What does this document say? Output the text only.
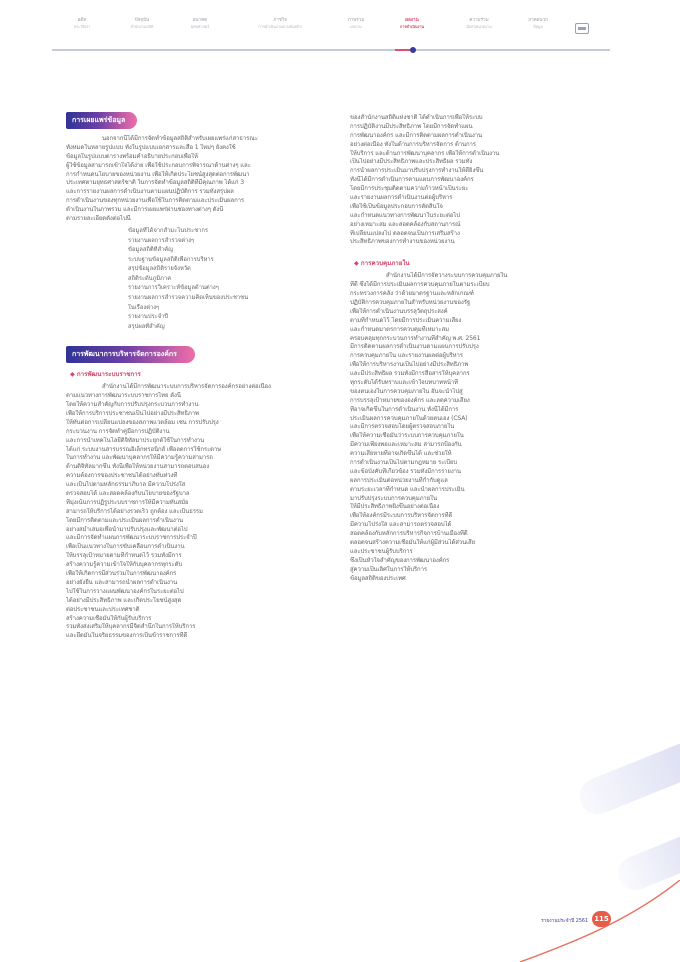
อดีต
ประวัติเรา
ปัจจุบัน
สำนักงานสถิติ
อนาคต
ยุทธศาสตร์
ภารกิจ
การดำเนินงานตามพันธกิจ
ภาพรวม
ผลงาน
ผลงาน
การดำเนินงาน
ความร่วม
มือกับหน่วยงาน
ภาคผนวก
ข้อมูล
การเผยแพร่ข้อมูล
นอกจากนี้ได้มีการจัดทำข้อมูลสถิติสำหรับเผยแพร่แก่สาธารณะ
ทั้งหมดในหลายรูปแบบ ทั้งในรูปแบบเอกสารและสื่อ 1 ใหม่ๆ ยังคงใช้
ข้อมูลในรูปแบบตารางพร้อมคำอธิบายประกอบเพื่อให้
ผู้ใช้ข้อมูลสามารถเข้าใจได้ง่าย เพื่อใช้ประกอบการพิจารณาด้านต่างๆ และ
การกำหนดนโยบายของหน่วยงาน เพื่อให้เกิดประโยชน์สูงสุดต่อการพัฒนา
ประเทศตามยุทธศาสตร์ชาติ ในการจัดทำข้อมูลสถิติที่มีคุณภาพ ได้แก่ 3
และการรายงานผลการดำเนินงานตามแผนปฏิบัติการ รวมทั้งสรุปผล
การดำเนินงานของทุกหน่วยงานเพื่อใช้ในการติดตามและประเมินผลการ
ดำเนินงานในภาพรวม และมีการเผยแพร่ผ่านช่องทางต่างๆ ดังนี้
ตามรายละเอียดดังต่อไปนี้
– ข้อมูลที่ได้จากสำมะโนประชากร
– รายงานผลการสำรวจต่างๆ
– ข้อมูลสถิติที่สำคัญ
– ระบบฐานข้อมูลสถิติเพื่อการบริหาร
– สรุปข้อมูลสถิติรายจังหวัด
– สถิติระดับภูมิภาค
– รายงานการวิเคราะห์ข้อมูลด้านต่างๆ
– รายงานผลการสำรวจความคิดเห็นของประชาชน
ในเรื่องต่างๆ
– รายงานประจำปี
– สรุปผลที่สำคัญ
การพัฒนาการบริหารจัดการองค์กร
◆ การพัฒนาระบบราชการ
สำนักงานได้มีการพัฒนาระบบการบริหารจัดการองค์กรอย่างต่อเนื่อง
ตามแนวทางการพัฒนาระบบราชการไทย ดังนี้
โดยให้ความสำคัญกับการปรับปรุงกระบวนการทำงาน
เพื่อให้การบริการประชาชนเป็นไปอย่างมีประสิทธิภาพ
ให้ทันต่อการเปลี่ยนแปลงของสภาพแวดล้อม เช่น การปรับปรุง
กระบวนงาน การจัดทำคู่มือการปฏิบัติงาน
และการนำเทคโนโลยีดิจิทัลมาประยุกต์ใช้ในการทำงาน
ได้แก่ ระบบงานสารบรรณอิเล็กทรอนิกส์ เพื่อลดการใช้กระดาษ
ในการทำงาน และพัฒนาบุคลากรให้มีความรู้ความสามารถ
ด้านดิจิทัลมากขึ้น ทั้งนี้เพื่อให้หน่วยงานสามารถตอบสนอง
ความต้องการของประชาชนได้อย่างทันท่วงที
และเป็นไปตามหลักธรรมาภิบาล มีความโปร่งใส
ตรวจสอบได้ และสอดคล้องกับนโยบายของรัฐบาล
ที่มุ่งเน้นการปฏิรูประบบราชการให้มีความทันสมัย
สามารถให้บริการได้อย่างรวดเร็ว ถูกต้อง และเป็นธรรม
โดยมีการติดตามและประเมินผลการดำเนินงาน
อย่างสม่ำเสมอเพื่อนำมาปรับปรุงและพัฒนาต่อไป
และมีการจัดทำแผนการพัฒนาระบบราชการประจำปี
เพื่อเป็นแนวทางในการขับเคลื่อนการดำเนินงาน
ให้บรรลุเป้าหมายตามที่กำหนดไว้ รวมทั้งมีการ
สร้างความรู้ความเข้าใจให้กับบุคลากรทุกระดับ
เพื่อให้เกิดการมีส่วนร่วมในการพัฒนาองค์กร
อย่างยั่งยืน และสามารถนำผลการดำเนินงาน
ไปใช้ในการวางแผนพัฒนาองค์กรในระยะต่อไป
ได้อย่างมีประสิทธิภาพ และเกิดประโยชน์สูงสุด
ต่อประชาชนและประเทศชาติ
สร้างความเชื่อมั่นให้กับผู้รับบริการ
รวมทั้งส่งเสริมให้บุคลากรมีจิตสำนึกในการให้บริการ
และยึดมั่นในจริยธรรมของการเป็นข้าราชการที่ดี
ของสำนักงานสถิติแห่งชาติ ได้ดำเนินการเพื่อให้ระบบ
การปฏิบัติงานมีประสิทธิภาพ โดยมีการจัดทำแผน
การพัฒนาองค์กร และมีการติดตามผลการดำเนินงาน
อย่างต่อเนื่อง ทั้งในด้านการบริหารจัดการ ด้านการ
ให้บริการ และด้านการพัฒนาบุคลากร เพื่อให้การดำเนินงาน
เป็นไปอย่างมีประสิทธิภาพและประสิทธิผล รวมทั้ง
การนำผลการประเมินมาปรับปรุงการทำงานให้ดียิ่งขึ้น
ทั้งนี้ได้มีการดำเนินการตามแผนการพัฒนาองค์กร
โดยมีการประชุมติดตามความก้าวหน้าเป็นระยะ
และรายงานผลการดำเนินงานต่อผู้บริหาร
เพื่อใช้เป็นข้อมูลประกอบการตัดสินใจ
และกำหนดแนวทางการพัฒนาในระยะต่อไป
อย่างเหมาะสม และสอดคล้องกับสถานการณ์
ที่เปลี่ยนแปลงไป ตลอดจนเป็นการเสริมสร้าง
ประสิทธิภาพของการทำงานของหน่วยงาน
◆ การควบคุมภายใน
สำนักงานได้มีการจัดวางระบบการควบคุมภายใน
ที่ดี ซึ่งได้มีการประเมินผลการควบคุมภายในตามระเบียบ
กระทรวงการคลัง ว่าด้วยมาตรฐานและหลักเกณฑ์
ปฏิบัติการควบคุมภายในสำหรับหน่วยงานของรัฐ
เพื่อให้การดำเนินงานบรรลุวัตถุประสงค์
ตามที่กำหนดไว้ โดยมีการประเมินความเสี่ยง
และกำหนดมาตรการควบคุมที่เหมาะสม
ครอบคลุมทุกกระบวนการทำงานที่สำคัญ พ.ศ. 2561
มีการติดตามผลการดำเนินงานตามแผนการปรับปรุง
การควบคุมภายใน และรายงานผลต่อผู้บริหาร
เพื่อให้การบริหารงานเป็นไปอย่างมีประสิทธิภาพ
และมีประสิทธิผล รวมทั้งมีการสื่อสารให้บุคลากร
ทุกระดับได้รับทราบและเข้าใจบทบาทหน้าที่
ของตนเองในการควบคุมภายใน อันจะนำไปสู่
การบรรลุเป้าหมายขององค์กร และลดความเสี่ยง
ที่อาจเกิดขึ้นในการดำเนินงาน ทั้งนี้ได้มีการ
ประเมินผลการควบคุมภายในด้วยตนเอง (CSA)
และมีการตรวจสอบโดยผู้ตรวจสอบภายใน
เพื่อให้ความเชื่อมั่นว่าระบบการควบคุมภายใน
มีความเพียงพอและเหมาะสม สามารถป้องกัน
ความเสียหายที่อาจเกิดขึ้นได้ และช่วยให้
การดำเนินงานเป็นไปตามกฎหมาย ระเบียบ
และข้อบังคับที่เกี่ยวข้อง รวมทั้งมีการรายงาน
ผลการประเมินต่อหน่วยงานที่กำกับดูแล
ตามระยะเวลาที่กำหนด และนำผลการประเมิน
มาปรับปรุงระบบการควบคุมภายใน
ให้มีประสิทธิภาพยิ่งขึ้นอย่างต่อเนื่อง
เพื่อให้องค์กรมีระบบการบริหารจัดการที่ดี
มีความโปร่งใส และสามารถตรวจสอบได้
สอดคล้องกับหลักการบริหารกิจการบ้านเมืองที่ดี
ตลอดจนสร้างความเชื่อมั่นให้แก่ผู้มีส่วนได้ส่วนเสีย
และประชาชนผู้รับบริการ
ซึ่งเป็นหัวใจสำคัญของการพัฒนาองค์กร
สู่ความเป็นเลิศในการให้บริการ
ข้อมูลสถิติของประเทศ
รายงานประจำปี 2561 115
